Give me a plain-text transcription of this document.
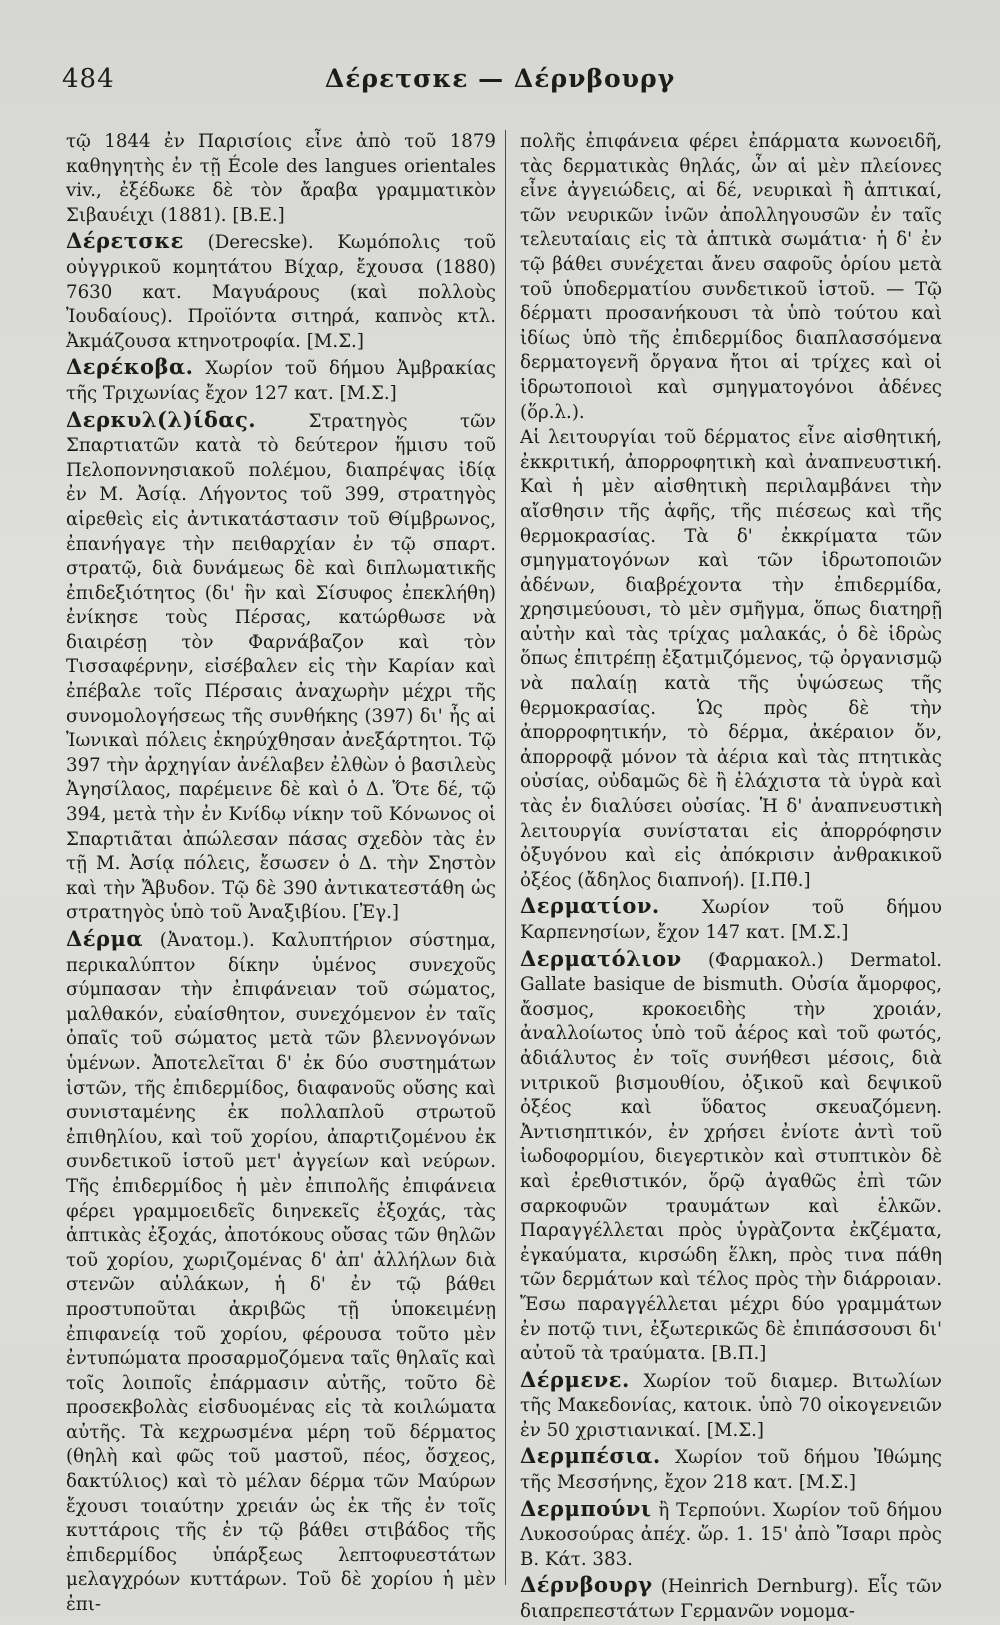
484	Δέρετσκε — Δέρνβουργ

τῷ 1844 ἐν Παρισίοις εἶνε ἀπὸ τοῦ 1879 καθηγητὴς ἐν τῇ École des langues orientales viv., ἐξέδωκε δὲ τὸν ἄραβα γραμματικὸν Σιβαυέιχι (1881). [Β.Ε.]

Δέρετσκε (Derecske). Κωμόπολις τοῦ οὑγγρικοῦ κομητάτου Βίχαρ, ἔχουσα (1880) 7630 κατ. Μαγυάρους (καὶ πολλοὺς Ἰουδαίους). Προϊόντα σιτηρά, καπνὸς κτλ. Ἀκμάζουσα κτηνοτροφία. [Μ.Σ.]

Δερέκοβα. Χωρίον τοῦ δήμου Ἀμβρακίας τῆς Τριχωνίας ἔχον 127 κατ. [Μ.Σ.]

Δερκυλ(λ)ίδας.	Στρατηγὸς τῶν Σπαρτιατῶν κατὰ τὸ δεύτερον ἥμισυ τοῦ Πελοποννησιακοῦ πολέμου, διαπρέψας ἰδίᾳ ἐν Μ. Ἀσίᾳ. Λήγοντος τοῦ 399, στρατηγὸς αἱρεθεὶς εἰς ἀντικατάστασιν τοῦ Θίμβρωνος, ἐπανήγαγε τὴν πειθαρχίαν ἐν τῷ σπαρτ. στρατῷ, διὰ δυνάμεως δὲ καὶ διπλωματικῆς ἐπιδεξιότητος (δι' ἣν καὶ Σίσυφος ἐπεκλήθη) ἐνίκησε τοὺς Πέρσας, κατώρθωσε νὰ διαιρέσῃ τὸν Φαρνάβαζον καὶ τὸν Τισσαφέρνην, εἰσέβαλεν εἰς τὴν Καρίαν καὶ ἐπέβαλε τοῖς Πέρσαις ἀναχωρὴν μέχρι τῆς συνομολογήσεως τῆς συνθήκης (397) δι' ἧς αἱ Ἰωνικαὶ πόλεις ἐκηρύχθησαν ἀνεξάρτητοι. Τῷ 397 τὴν ἀρχηγίαν ἀνέλαβεν ἐλθὼν ὁ βασιλεὺς Ἀγησίλαος, παρέμεινε δὲ καὶ ὁ Δ. Ὅτε δέ, τῷ 394, μετὰ τὴν ἐν Κνίδῳ νίκην τοῦ Κόνωνος οἱ Σπαρτιᾶται ἀπώλεσαν πάσας σχεδὸν τὰς ἐν τῇ Μ. Ἀσίᾳ πόλεις, ἔσωσεν ὁ Δ. τὴν Σηστὸν καὶ τὴν Ἄβυδον. Τῷ δὲ 390 ἀντικατεστάθη ὡς στρατηγὸς ὑπὸ τοῦ Ἀναξιβίου. [Ἐγ.]

Δέρμα (Ἀνατομ.). Καλυπτήριον σύστημα, περικαλύπτον δίκην ὑμένος συνεχοῦς σύμπασαν τὴν ἐπιφάνειαν τοῦ σώματος, μαλθακόν, εὐαίσθητον, συνεχόμενον ἐν ταῖς ὀπαῖς τοῦ σώματος μετὰ τῶν βλεννογόνων ὑμένων. Ἀποτελεῖται δ' ἐκ δύο συστημάτων ἱστῶν, τῆς ἐπιδερμίδος, διαφανοῦς οὔσης καὶ συνισταμένης ἐκ πολλαπλοῦ στρωτοῦ ἐπιθηλίου, καὶ τοῦ χορίου, ἀπαρτιζομένου ἐκ συνδετικοῦ ἱστοῦ μετ' ἀγγείων καὶ νεύρων. Τῆς ἐπιδερμίδος ἡ μὲν ἐπιπολῆς ἐπιφάνεια φέρει γραμμοειδεῖς διηνεκεῖς ἐξοχάς, τὰς ἁπτικὰς ἐξοχάς, ἀποτόκους οὔσας τῶν θηλῶν τοῦ χορίου, χωριζομένας δ' ἀπ' ἀλλήλων διὰ στενῶν αὐλάκων, ἡ δ' ἐν τῷ βάθει προστυποῦται ἀκριβῶς τῇ ὑποκειμένῃ ἐπιφανείᾳ τοῦ χορίου, φέρουσα τοῦτο μὲν ἐντυπώματα προσαρμοζόμενα ταῖς θηλαῖς καὶ τοῖς λοιποῖς ἐπάρμασιν αὐτῆς, τοῦτο δὲ προσεκβολὰς εἰσδυομένας εἰς τὰ κοιλώματα αὐτῆς. Τὰ κεχρωσμένα μέρη τοῦ δέρματος (θηλὴ καὶ φῶς τοῦ μαστοῦ, πέος, ὄσχεος, δακτύλιος) καὶ τὸ μέλαν δέρμα τῶν Μαύρων ἔχουσι τοιαύτην χρειάν ὡς ἐκ τῆς ἐν τοῖς κυττάροις τῆς ἐν τῷ βάθει στιβάδος τῆς ἐπιδερμίδος ὑπάρξεως λεπτοφυεστάτων μελαγχρόων κυττάρων. Τοῦ δὲ χορίου ἡ μὲν ἐπι-

πολῆς ἐπιφάνεια φέρει ἐπάρματα κωνοειδῆ, τὰς δερματικὰς θηλάς, ὧν αἱ μὲν πλείονες εἶνε ἀγγειώδεις, αἱ δέ, νευρικαὶ ἢ ἁπτικαί, τῶν νευρικῶν ἰνῶν ἀπολληγουσῶν ἐν ταῖς τελευταίαις εἰς τὰ ἁπτικὰ σωμάτια· ἡ δ' ἐν τῷ βάθει συνέχεται ἄνευ σαφοῦς ὁρίου μετὰ τοῦ ὑποδερματίου συνδετικοῦ ἱστοῦ. — Τῷ δέρματι προσανήκουσι τὰ ὑπὸ τούτου καὶ ἰδίως ὑπὸ τῆς ἐπιδερμίδος διαπλασσόμενα δερματογενῆ ὄργανα ἤτοι αἱ τρίχες καὶ οἱ ἱδρωτοποιοὶ καὶ σμηγματογόνοι ἀδένες (ὅρ.λ.).

Αἱ λειτουργίαι τοῦ δέρματος εἶνε αἰσθητική, ἐκκριτική, ἀπορροφητικὴ καὶ ἀναπνευστική. Καὶ ἡ μὲν αἰσθητικὴ περιλαμβάνει τὴν αἴσθησιν τῆς ἁφῆς, τῆς πιέσεως καὶ τῆς θερμοκρασίας. Τὰ δ' ἐκκρίματα τῶν σμηγματογόνων καὶ τῶν ἱδρωτοποιῶν ἀδένων, διαβρέχοντα τὴν ἐπιδερμίδα, χρησιμεύουσι, τὸ μὲν σμῆγμα, ὅπως διατηρῇ αὐτὴν καὶ τὰς τρίχας μαλακάς, ὁ δὲ ἱδρὼς ὅπως ἐπιτρέπῃ ἐξατμιζόμενος, τῷ ὀργανισμῷ νὰ παλαίῃ κατὰ τῆς ὑψώσεως τῆς θερμοκρασίας. Ὡς πρὸς δὲ τὴν ἀπορροφητικήν, τὸ δέρμα, ἀκέραιον ὄν, ἀπορροφᾷ μόνον τὰ ἀέρια καὶ τὰς πτητικὰς οὐσίας, οὐδαμῶς δὲ ἢ ἐλάχιστα τὰ ὑγρὰ καὶ τὰς ἐν διαλύσει οὐσίας. Ἡ δ' ἀναπνευστικὴ λειτουργία συνίσταται εἰς ἀπορρόφησιν ὀξυγόνου καὶ εἰς ἀπόκρισιν ἀνθρακικοῦ ὀξέος (ἄδηλος διαπνοή). [Ι.Πθ.]

Δερματίον. Χωρίον τοῦ δήμου Καρπενησίων, ἔχον 147 κατ. [Μ.Σ.]

Δερματόλιον (Φαρμακολ.) Dermatol. Gallate basique de bismuth. Οὐσία ἄμορφος, ἄοσμος, κροκοειδὴς τὴν χροιάν, ἀναλλοίωτος ὑπὸ τοῦ ἀέρος καὶ τοῦ φωτός, ἀδιάλυτος ἐν τοῖς συνήθεσι μέσοις, διὰ νιτρικοῦ βισμουθίου, ὀξικοῦ καὶ δεψικοῦ ὀξέος καὶ ὕδατος σκευαζόμενη. Ἀντισηπτικόν, ἐν χρήσει ἐνίοτε ἀντὶ τοῦ ἰωδοφορμίου, διεγερτικὸν καὶ στυπτικὸν δὲ καὶ ἐρεθιστικόν, ὅρῷ ἀγαθῶς ἐπὶ τῶν σαρκοφυῶν τραυμάτων καὶ ἑλκῶν. Παραγγέλλεται πρὸς ὑγρὰζοντα ἐκζέματα, ἐγκαύματα, κιρσώδη ἕλκη, πρὸς τινα πάθη τῶν δερμάτων καὶ τέλος πρὸς τὴν διάρροιαν. Ἔσω παραγγέλλεται μέχρι δύο γραμμάτων ἐν ποτῷ τινι, ἐξωτερικῶς δὲ ἐπιπάσσουσι δι' αὐτοῦ τὰ τραύματα. [Β.Π.]

Δέρμενε. Χωρίον τοῦ διαμερ. Βιτωλίων τῆς Μακεδονίας, κατοικ. ὑπὸ 70 οἰκογενειῶν ἐν 50 χριστιανικαί. [Μ.Σ.]

Δερμπέσια. Χωρίον τοῦ δήμου Ἰθώμης τῆς Μεσσήνης, ἔχον 218 κατ. [Μ.Σ.]

Δερμπούνι ἢ Τερπούνι. Χωρίον τοῦ δήμου Λυκοσούρας ἀπέχ. ὥρ. 1. 15' ἀπὸ Ἴσαρι πρὸς Β. Κάτ. 383.

Δέρνβουργ (Heinrich Dernburg). Εἷς τῶν διαπρεπεστάτων Γερμανῶν νομομα-
